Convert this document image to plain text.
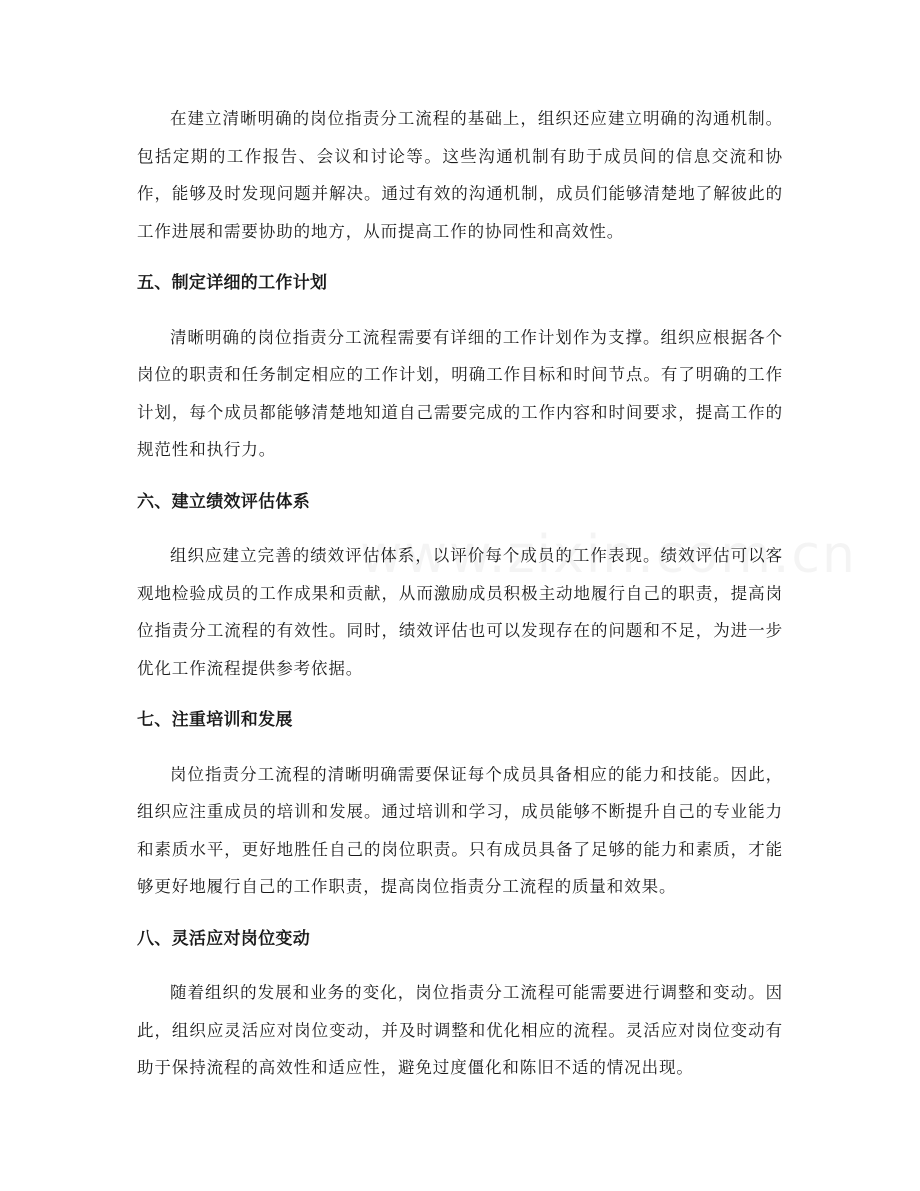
在建立清晰明确的岗位指责分工流程的基础上，组织还应建立明确的沟通机制。包括定期的工作报告、会议和讨论等。这些沟通机制有助于成员间的信息交流和协作，能够及时发现问题并解决。通过有效的沟通机制，成员们能够清楚地了解彼此的工作进展和需要协助的地方，从而提高工作的协同性和高效性。

五、制定详细的工作计划

清晰明确的岗位指责分工流程需要有详细的工作计划作为支撑。组织应根据各个岗位的职责和任务制定相应的工作计划，明确工作目标和时间节点。有了明确的工作计划，每个成员都能够清楚地知道自己需要完成的工作内容和时间要求，提高工作的规范性和执行力。

六、建立绩效评估体系

组织应建立完善的绩效评估体系，以评价每个成员的工作表现。绩效评估可以客观地检验成员的工作成果和贡献，从而激励成员积极主动地履行自己的职责，提高岗位指责分工流程的有效性。同时，绩效评估也可以发现存在的问题和不足，为进一步优化工作流程提供参考依据。

七、注重培训和发展

岗位指责分工流程的清晰明确需要保证每个成员具备相应的能力和技能。因此，组织应注重成员的培训和发展。通过培训和学习，成员能够不断提升自己的专业能力和素质水平，更好地胜任自己的岗位职责。只有成员具备了足够的能力和素质，才能够更好地履行自己的工作职责，提高岗位指责分工流程的质量和效果。

八、灵活应对岗位变动

随着组织的发展和业务的变化，岗位指责分工流程可能需要进行调整和变动。因此，组织应灵活应对岗位变动，并及时调整和优化相应的流程。灵活应对岗位变动有助于保持流程的高效性和适应性，避免过度僵化和陈旧不适的情况出现。
